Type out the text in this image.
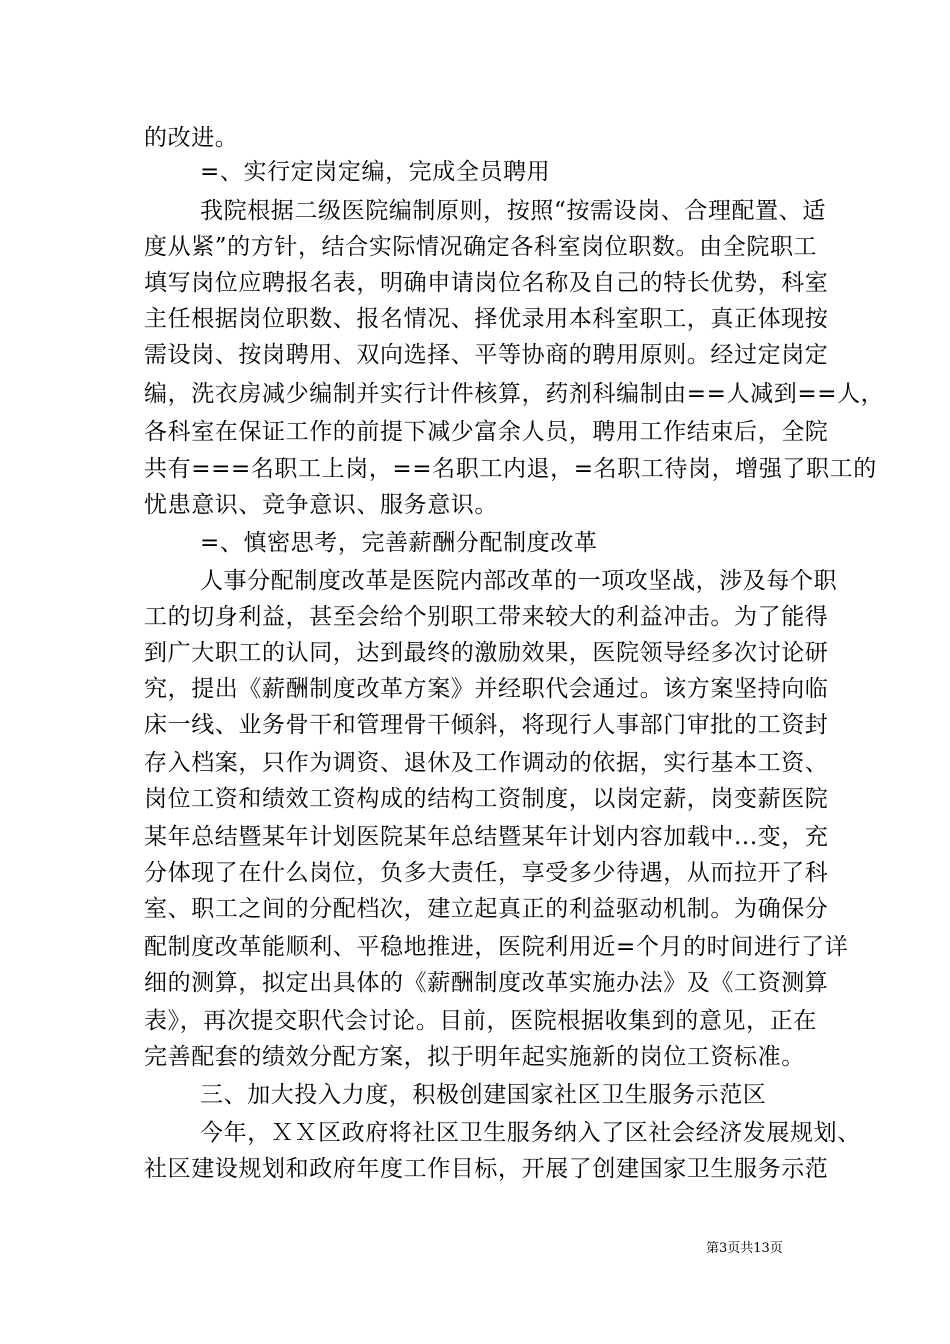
的改进。
=、实行定岗定编，完成全员聘用
我院根据二级医院编制原则，按照“按需设岗、合理配置、适
度从紧”的方针，结合实际情况确定各科室岗位职数。由全院职工
填写岗位应聘报名表，明确申请岗位名称及自己的特长优势，科室
主任根据岗位职数、报名情况、择优录用本科室职工，真正体现按
需设岗、按岗聘用、双向选择、平等协商的聘用原则。经过定岗定
编，洗衣房减少编制并实行计件核算，药剂科编制由==人减到==人，
各科室在保证工作的前提下减少富余人员，聘用工作结束后，全院
共有===名职工上岗，==名职工内退，=名职工待岗，增强了职工的
忧患意识、竞争意识、服务意识。
=、慎密思考，完善薪酬分配制度改革
人事分配制度改革是医院内部改革的一项攻坚战，涉及每个职
工的切身利益，甚至会给个别职工带来较大的利益冲击。为了能得
到广大职工的认同，达到最终的激励效果，医院领导经多次讨论研
究，提出《薪酬制度改革方案》并经职代会通过。该方案坚持向临
床一线、业务骨干和管理骨干倾斜，将现行人事部门审批的工资封
存入档案，只作为调资、退休及工作调动的依据，实行基本工资、
岗位工资和绩效工资构成的结构工资制度，以岗定薪，岗变薪医院
某年总结暨某年计划医院某年总结暨某年计划内容加载中...变，充
分体现了在什么岗位，负多大责任，享受多少待遇，从而拉开了科
室、职工之间的分配档次，建立起真正的利益驱动机制。为确保分
配制度改革能顺利、平稳地推进，医院利用近=个月的时间进行了详
细的测算，拟定出具体的《薪酬制度改革实施办法》及《工资测算
表》，再次提交职代会讨论。目前，医院根据收集到的意见，正在
完善配套的绩效分配方案，拟于明年起实施新的岗位工资标准。
三、加大投入力度，积极创建国家社区卫生服务示范区
今年，ＸＸ区政府将社区卫生服务纳入了区社会经济发展规划、
社区建设规划和政府年度工作目标，开展了创建国家卫生服务示范
第3页共13页
